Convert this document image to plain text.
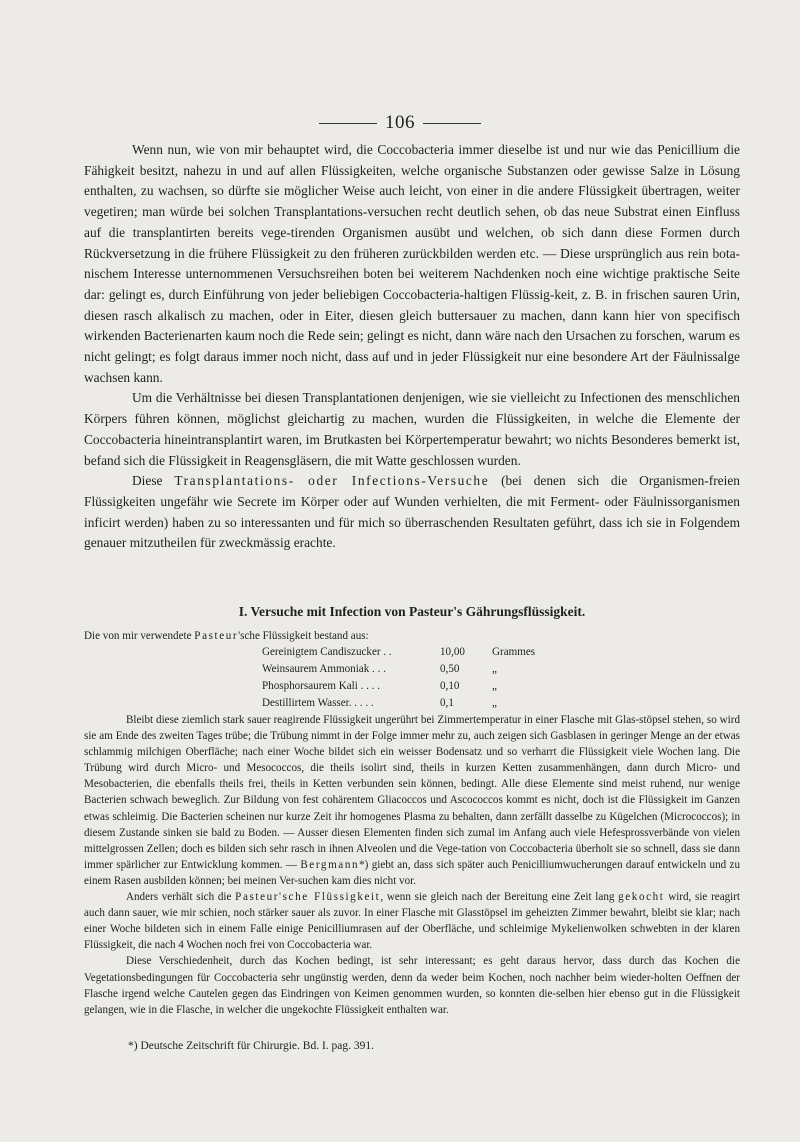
106

Wenn nun, wie von mir behauptet wird, die Coccobacteria immer dieselbe ist und nur wie das Penicillium die Fähigkeit besitzt, nahezu in und auf allen Flüssigkeiten, welche organische Substanzen oder gewisse Salze in Lösung enthalten, zu wachsen, so dürfte sie möglicher Weise auch leicht, von einer in die andere Flüssigkeit übertragen, weiter vegetiren; man würde bei solchen Transplantations-versuchen recht deutlich sehen, ob das neue Substrat einen Einfluss auf die transplantirten bereits vege-tirenden Organismen ausübt und welchen, ob sich dann diese Formen durch Rückversetzung in die frühere Flüssigkeit zu den früheren zurückbilden werden etc. — Diese ursprünglich aus rein bota-nischem Interesse unternommenen Versuchsreihen boten bei weiterem Nachdenken noch eine wichtige praktische Seite dar: gelingt es, durch Einführung von jeder beliebigen Coccobacteria-haltigen Flüssig-keit, z. B. in frischen sauren Urin, diesen rasch alkalisch zu machen, oder in Eiter, diesen gleich buttersauer zu machen, dann kann hier von specifisch wirkenden Bacterienarten kaum noch die Rede sein; gelingt es nicht, dann wäre nach den Ursachen zu forschen, warum es nicht gelingt; es folgt daraus immer noch nicht, dass auf und in jeder Flüssigkeit nur eine besondere Art der Fäulnissalge wachsen kann.

Um die Verhältnisse bei diesen Transplantationen denjenigen, wie sie vielleicht zu Infectionen des menschlichen Körpers führen können, möglichst gleichartig zu machen, wurden die Flüssigkeiten, in welche die Elemente der Coccobacteria hineintransplantirt waren, im Brutkasten bei Körpertemperatur bewahrt; wo nichts Besonderes bemerkt ist, befand sich die Flüssigkeit in Reagensgläsern, die mit Watte geschlossen wurden.

Diese Transplantations- oder Infections-Versuche (bei denen sich die Organismen-freien Flüssigkeiten ungefähr wie Secrete im Körper oder auf Wunden verhielten, die mit Ferment- oder Fäulnissorganismen inficirt werden) haben zu so interessanten und für mich so überraschenden Resultaten geführt, dass ich sie in Folgendem genauer mitzutheilen für zweckmässig erachte.

I. Versuche mit Infection von Pasteur's Gährungsflüssigkeit.
Die von mir verwendete Pasteur'sche Flüssigkeit bestand aus:
Gereinigtem Candiszucker . .	10,00	Grammes
Weinsaurem Ammoniak . . .	0,50	„
Phosphorsaurem Kali . . . .	0,10	„
Destillirtem Wasser. . . . .	0,1	„

Bleibt diese ziemlich stark sauer reagirende Flüssigkeit ungerührt bei Zimmertemperatur in einer Flasche mit Glas-stöpsel stehen, so wird sie am Ende des zweiten Tages trübe; die Trübung nimmt in der Folge immer mehr zu, auch zeigen sich Gasblasen in geringer Menge an der etwas schlammig milchigen Oberfläche; nach einer Woche bildet sich ein weisser Bodensatz und so verharrt die Flüssigkeit viele Wochen lang. Die Trübung wird durch Micro- und Mesococcos, die theils isolirt sind, theils in kurzen Ketten zusammenhängen, dann durch Micro- und Mesobacterien, die ebenfalls theils frei, theils in Ketten verbunden sein können, bedingt. Alle diese Elemente sind meist ruhend, nur wenige Bacterien schwach beweglich. Zur Bildung von fest cohärentem Gliacoccos und Ascococcos kommt es nicht, doch ist die Flüssigkeit im Ganzen etwas schleimig. Die Bacterien scheinen nur kurze Zeit ihr homogenes Plasma zu behalten, dann zerfällt dasselbe zu Kügelchen (Micrococcos); in diesem Zustande sinken sie bald zu Boden. — Ausser diesen Elementen finden sich zumal im Anfang auch viele Hefesprossverbände von vielen mittelgrossen Zellen; doch es bilden sich sehr rasch in ihnen Alveolen und die Vege-tation von Coccobacteria überholt sie so schnell, dass sie dann immer spärlicher zur Entwicklung kommen. — Bergmann*) giebt an, dass sich später auch Penicilliumwucherungen darauf entwickeln und zu einem Rasen ausbilden können; bei meinen Ver-suchen kam dies nicht vor.

Anders verhält sich die Pasteur'sche Flüssigkeit, wenn sie gleich nach der Bereitung eine Zeit lang gekocht wird, sie reagirt auch dann sauer, wie mir schien, noch stärker sauer als zuvor. In einer Flasche mit Glasstöpsel im geheizten Zimmer bewahrt, bleibt sie klar; nach einer Woche bildeten sich in einem Falle einige Penicilliumrasen auf der Oberfläche, und schleimige Mykelienwolken schwebten in der klaren Flüssigkeit, die nach 4 Wochen noch frei von Coccobacteria war.

Diese Verschiedenheit, durch das Kochen bedingt, ist sehr interessant; es geht daraus hervor, dass durch das Kochen die Vegetationsbedingungen für Coccobacteria sehr ungünstig werden, denn da weder beim Kochen, noch nachher beim wieder-holten Oeffnen der Flasche irgend welche Cautelen gegen das Eindringen von Keimen genommen wurden, so konnten die-selben hier ebenso gut in die Flüssigkeit gelangen, wie in die Flasche, in welcher die ungekochte Flüssigkeit enthalten war.

*) Deutsche Zeitschrift für Chirurgie. Bd. I. pag. 391.
